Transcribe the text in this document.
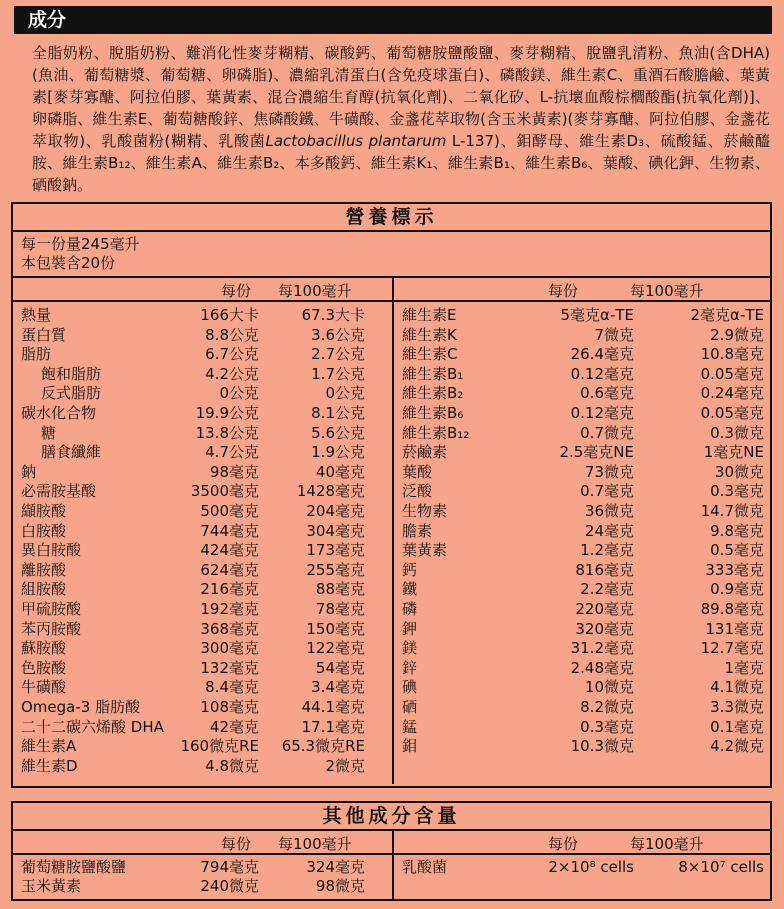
成分
全脂奶粉、脫脂奶粉、難消化性麥芽糊精、碳酸鈣、葡萄糖胺鹽酸鹽、麥芽糊精、脫鹽乳清粉、魚油(含DHA)(魚油、葡萄糖漿、葡萄糖、卵磷脂)、濃縮乳清蛋白(含免疫球蛋白)、磷酸鎂、維生素C、重酒石酸膽鹼、葉黃素[麥芽寡醣、阿拉伯膠、葉黃素、混合濃縮生育醇(抗氧化劑)、二氧化矽、L-抗壞血酸棕櫚酸酯(抗氧化劑)]、卵磷脂、維生素E、葡萄糖酸鋅、焦磷酸鐵、牛磺酸、金盞花萃取物(含玉米黃素)(麥芽寡醣、阿拉伯膠、金盞花萃取物)、乳酸菌粉(糊精、乳酸菌Lactobacillus plantarum L-137)、鉬酵母、維生素D₃、硫酸錳、菸鹼醯胺、維生素B₁₂、維生素A、維生素B₂、本多酸鈣、維生素K₁、維生素B₁、維生素B₆、葉酸、碘化鉀、生物素、硒酸鈉。
營養標示
每一份量245毫升
本包裝含20份
每份 每100毫升	每份	每100毫升
熱量	166大卡	67.3大卡
蛋白質	8.8公克	3.6公克
脂肪	6.7公克	2.7公克
飽和脂肪	4.2公克	1.7公克
反式脂肪	0公克	0公克
碳水化合物	19.9公克	8.1公克
糖	13.8公克	5.6公克
膳食纖維	4.7公克	1.9公克
鈉	98毫克	40毫克
必需胺基酸	3500毫克	1428毫克
纈胺酸	500毫克	204毫克
白胺酸	744毫克	304毫克
異白胺酸	424毫克	173毫克
離胺酸	624毫克	255毫克
組胺酸	216毫克	88毫克
甲硫胺酸	192毫克	78毫克
苯丙胺酸	368毫克	150毫克
蘇胺酸	300毫克	122毫克
色胺酸	132毫克	54毫克
牛磺酸	8.4毫克	3.4毫克
Omega-3 脂肪酸	108毫克	44.1毫克
二十二碳六烯酸 DHA	42毫克	17.1毫克
維生素A	160微克RE 65.3微克RE
維生素D	4.8微克	2微克
維生素E	5毫克α-TE	2毫克α-TE
維生素K	7微克	2.9微克
維生素C	26.4毫克	10.8毫克
維生素B₁	0.12毫克	0.05毫克
維生素B₂	0.6毫克	0.24毫克
維生素B₆	0.12毫克	0.05毫克
維生素B₁₂	0.7微克	0.3微克
菸鹼素	2.5毫克NE	1毫克NE
葉酸	73微克	30微克
泛酸	0.7毫克	0.3毫克
生物素	36微克	14.7微克
膽素	24毫克	9.8毫克
葉黃素	1.2毫克	0.5毫克
鈣	816毫克	333毫克
鐵	2.2毫克	0.9毫克
磷	220毫克	89.8毫克
鉀	320毫克	131毫克
鎂	31.2毫克	12.7毫克
鋅	2.48毫克	1毫克
碘	10微克	4.1微克
硒	8.2微克	3.3微克
錳	0.3毫克	0.1毫克
鉬	10.3微克	4.2微克
其他成分含量
每份 每100毫升	每份	每100毫升
葡萄糖胺鹽酸鹽	794毫克	324毫克
玉米黃素	240微克	98微克
乳酸菌	2×10⁸ cells	8×10⁷ cells
